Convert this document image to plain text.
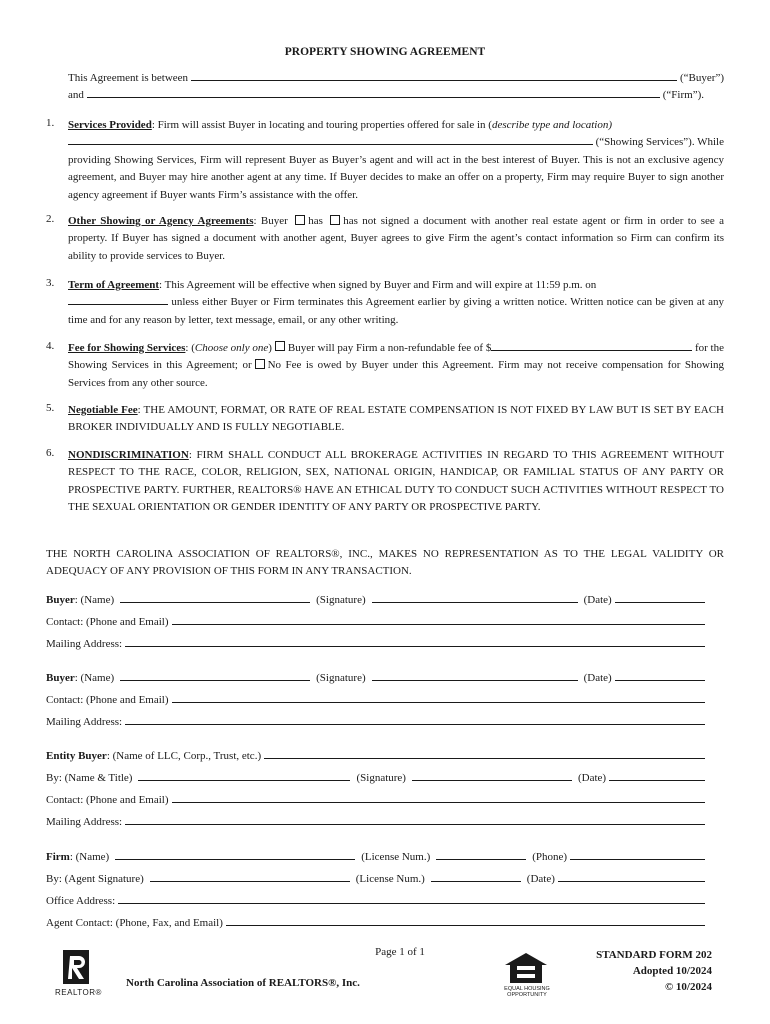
PROPERTY SHOWING AGREEMENT
This Agreement is between	(“Buyer”)
and	(“Firm”).
1. Services Provided: Firm will assist Buyer in locating and touring properties offered for sale in (describe type and location)
(“Showing Services”). While
providing Showing Services, Firm will represent Buyer as Buyer’s agent and will act in the best interest of Buyer. This is not an exclusive agency agreement, and Buyer may hire another agent at any time. If Buyer decides to make an offer on a property, Firm may require Buyer to sign another agency agreement if Buyer wants Firm’s assistance with the offer.
2. Other Showing or Agency Agreements: Buyer has has not signed a document with another real estate agent or firm in order to see a property. If Buyer has signed a document with another agent, Buyer agrees to give Firm the agent’s contact information so Firm can confirm its ability to provide services to Buyer.
3. Term of Agreement: This Agreement will be effective when signed by Buyer and Firm and will expire at 11:59 p.m. on
unless either Buyer or Firm terminates this Agreement earlier by giving a written notice. Written notice can be given at any time and for any reason by letter, text message, email, or any other writing.
4. Fee for Showing Services : ( Choose only one ) Buyer will pay Firm a non-refundable fee of $	for the
Showing Services in this Agreement; or No Fee is owed by Buyer under this Agreement. Firm may not receive compensation for Showing Services from any other source.
5. Negotiable Fee: THE AMOUNT, FORMAT, OR RATE OF REAL ESTATE COMPENSATION IS NOT FIXED BY LAW BUT IS SET BY EACH BROKER INDIVIDUALLY AND IS FULLY NEGOTIABLE.
6. NONDISCRIMINATION: FIRM SHALL CONDUCT ALL BROKERAGE ACTIVITIES IN REGARD TO THIS AGREEMENT WITHOUT RESPECT TO THE RACE, COLOR, RELIGION, SEX, NATIONAL ORIGIN, HANDICAP, OR FAMILIAL STATUS OF ANY PARTY OR PROSPECTIVE PARTY. FURTHER, REALTORS® HAVE AN ETHICAL DUTY TO CONDUCT SUCH ACTIVITIES WITHOUT RESPECT TO THE SEXUAL ORIENTATION OR GENDER IDENTITY OF ANY PARTY OR PROSPECTIVE PARTY.
THE NORTH CAROLINA ASSOCIATION OF REALTORS®, INC., MAKES NO REPRESENTATION AS TO THE LEGAL VALIDITY OR ADEQUACY OF ANY PROVISION OF THIS FORM IN ANY TRANSACTION.
Buyer : (Name)	(Signature)	(Date)
Contact: (Phone and Email)
Mailing Address:
Buyer : (Name)	(Signature)	(Date)
Contact: (Phone and Email)
Mailing Address:
Entity Buyer : (Name of LLC, Corp., Trust, etc.)
By: (Name & Title)	(Signature)	(Date)
Contact: (Phone and Email)
Mailing Address:
Firm : (Name)	(License Num.)	(Phone)
By: (Agent Signature)	(License Num.)	(Date)
Office Address:
Agent Contact: (Phone, Fax, and Email)
Page 1 of 1
REALTOR®
North Carolina Association of REALTORS®, Inc.	EQUAL HOUSING OPPORTUNITY
STANDARD FORM 202
Adopted 10/2024
© 10/2024
